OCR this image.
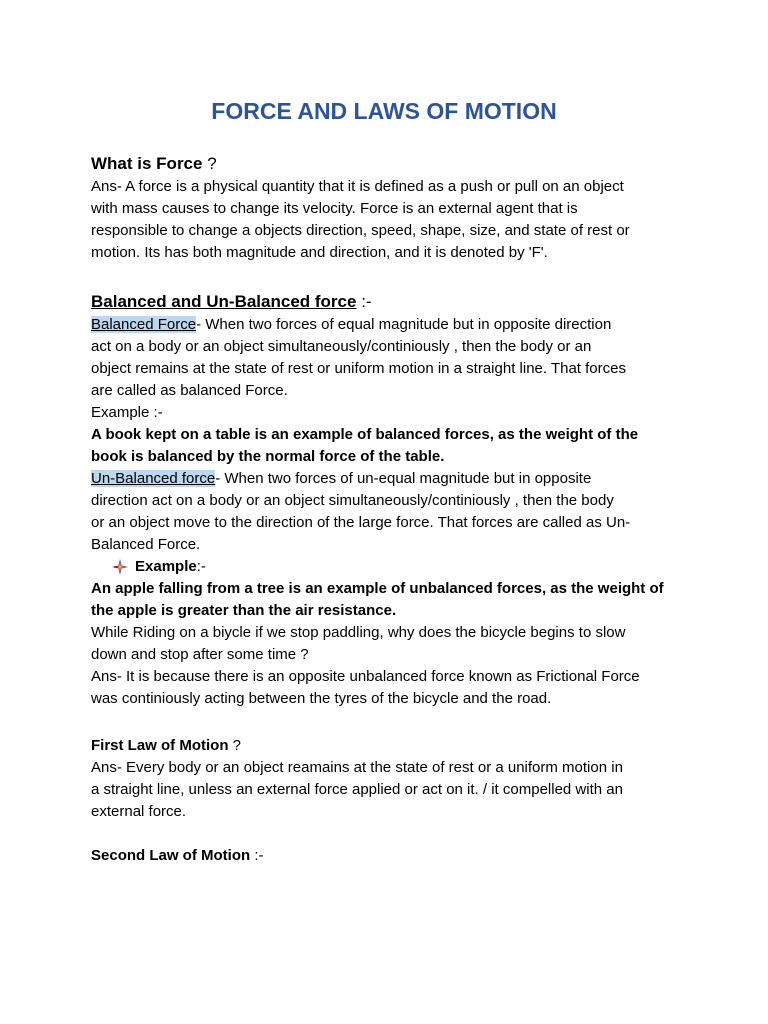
FORCE AND LAWS OF MOTION
What is Force ?
Ans- A force is a physical quantity that it is defined as a push or pull on an object
with mass causes to change its velocity. Force is an external agent that is
responsible to change a objects direction, speed, shape, size, and state of rest or
motion. Its has both magnitude and direction, and it is denoted by 'F'.
Balanced and Un-Balanced force :-
Balanced Force- When two forces of equal magnitude but in opposite direction
act on a body or an object simultaneously/continiously , then the body or an
object remains at the state of rest or uniform motion in a straight line. That forces
are called as balanced Force.
Example :-
A book kept on a table is an example of balanced forces, as the weight of the
book is balanced by the normal force of the table.
Un-Balanced force- When two forces of un-equal magnitude but in opposite
direction act on a body or an object simultaneously/continiously , then the body
or an object move to the direction of the large force. That forces are called as Un-
Balanced Force.
Example :-
An apple falling from a tree is an example of unbalanced forces, as the weight of
the apple is greater than the air resistance.
While Riding on a biycle if we stop paddling, why does the bicycle begins to slow
down and stop after some time ?
Ans- It is because there is an opposite unbalanced force known as Frictional Force
was continiously acting between the tyres of the bicycle and the road.
First Law of Motion ?
Ans- Every body or an object reamains at the state of rest or a uniform motion in
a straight line, unless an external force applied or act on it. / it compelled with an
external force.
Second Law of Motion :-
